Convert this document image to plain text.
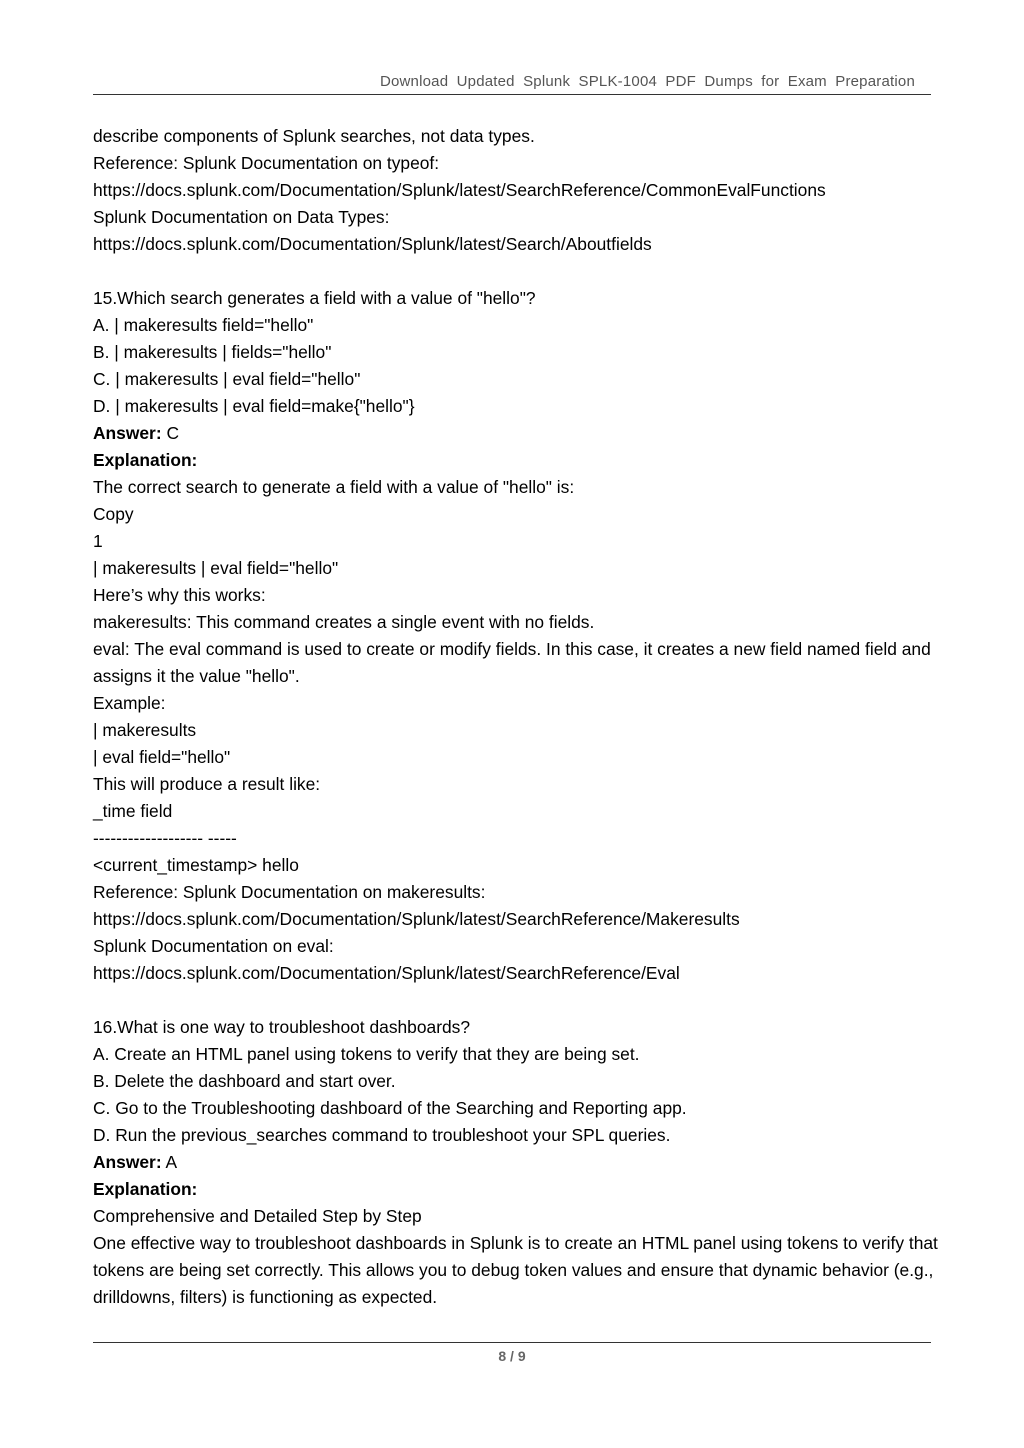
Download Updated Splunk SPLK-1004 PDF Dumps for Exam Preparation
describe components of Splunk searches, not data types.
Reference: Splunk Documentation on typeof:
https://docs.splunk.com/Documentation/Splunk/latest/SearchReference/CommonEvalFunctions
Splunk Documentation on Data Types:
https://docs.splunk.com/Documentation/Splunk/latest/Search/Aboutfields
15.Which search generates a field with a value of "hello"?
A. | makeresults field="hello"
B. | makeresults | fields="hello"
C. | makeresults | eval field="hello"
D. | makeresults | eval field=make{"hello"}
Answer: C
Explanation:
The correct search to generate a field with a value of "hello" is:
Copy
1
| makeresults | eval field="hello"
Here’s why this works:
makeresults: This command creates a single event with no fields.
eval: The eval command is used to create or modify fields. In this case, it creates a new field named field and assigns it the value "hello".
Example:
| makeresults
| eval field="hello"
This will produce a result like:
_time field
------------------- -----
<current_timestamp> hello
Reference: Splunk Documentation on makeresults:
https://docs.splunk.com/Documentation/Splunk/latest/SearchReference/Makeresults
Splunk Documentation on eval:
https://docs.splunk.com/Documentation/Splunk/latest/SearchReference/Eval
16.What is one way to troubleshoot dashboards?
A. Create an HTML panel using tokens to verify that they are being set.
B. Delete the dashboard and start over.
C. Go to the Troubleshooting dashboard of the Searching and Reporting app.
D. Run the previous_searches command to troubleshoot your SPL queries.
Answer: A
Explanation:
Comprehensive and Detailed Step by Step
One effective way to troubleshoot dashboards in Splunk is to create an HTML panel using tokens to verify that tokens are being set correctly. This allows you to debug token values and ensure that dynamic behavior (e.g., drilldowns, filters) is functioning as expected.
8 / 9
